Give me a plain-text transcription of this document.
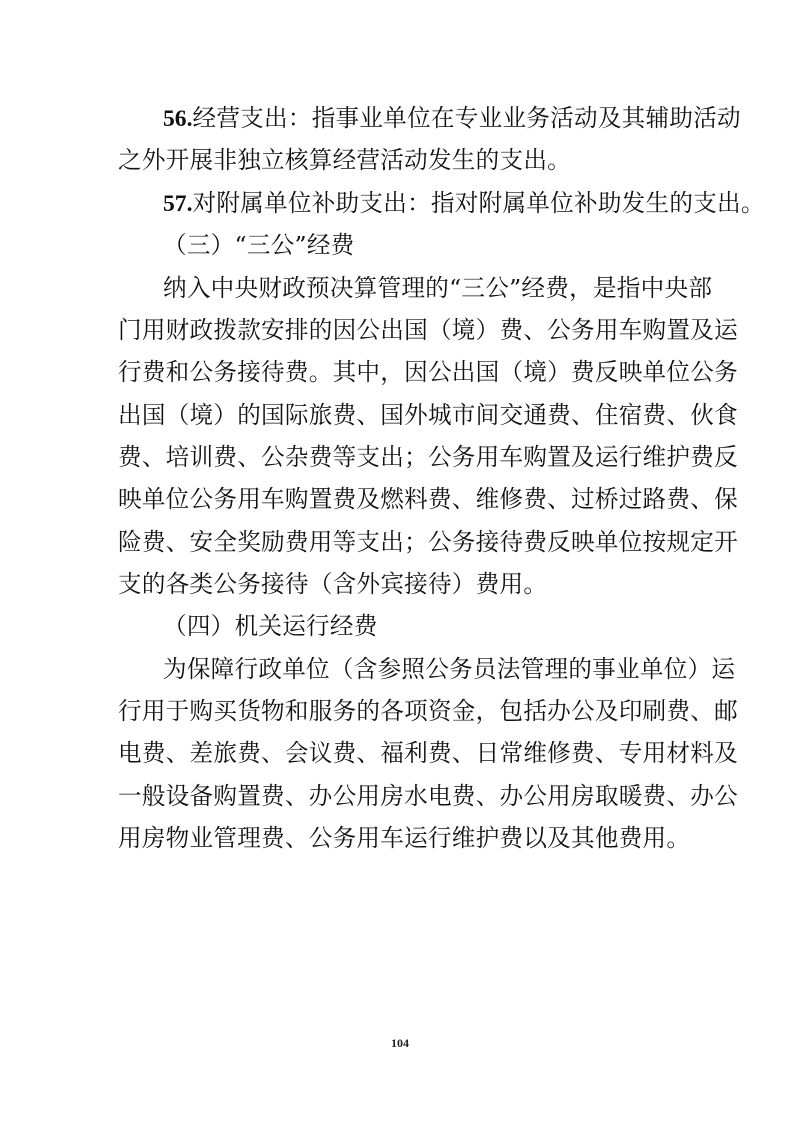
56.经营支出：指事业单位在专业业务活动及其辅助活动
之外开展非独立核算经营活动发生的支出。
57.对附属单位补助支出：指对附属单位补助发生的支出。
（三）“三公”经费
纳入中央财政预决算管理的“三公”经费，是指中央部
门用财政拨款安排的因公出国（境）费、公务用车购置及运
行费和公务接待费。其中，因公出国（境）费反映单位公务
出国（境）的国际旅费、国外城市间交通费、住宿费、伙食
费、培训费、公杂费等支出；公务用车购置及运行维护费反
映单位公务用车购置费及燃料费、维修费、过桥过路费、保
险费、安全奖励费用等支出；公务接待费反映单位按规定开
支的各类公务接待（含外宾接待）费用。
（四）机关运行经费
为保障行政单位（含参照公务员法管理的事业单位）运
行用于购买货物和服务的各项资金，包括办公及印刷费、邮
电费、差旅费、会议费、福利费、日常维修费、专用材料及
一般设备购置费、办公用房水电费、办公用房取暖费、办公
用房物业管理费、公务用车运行维护费以及其他费用。
104
